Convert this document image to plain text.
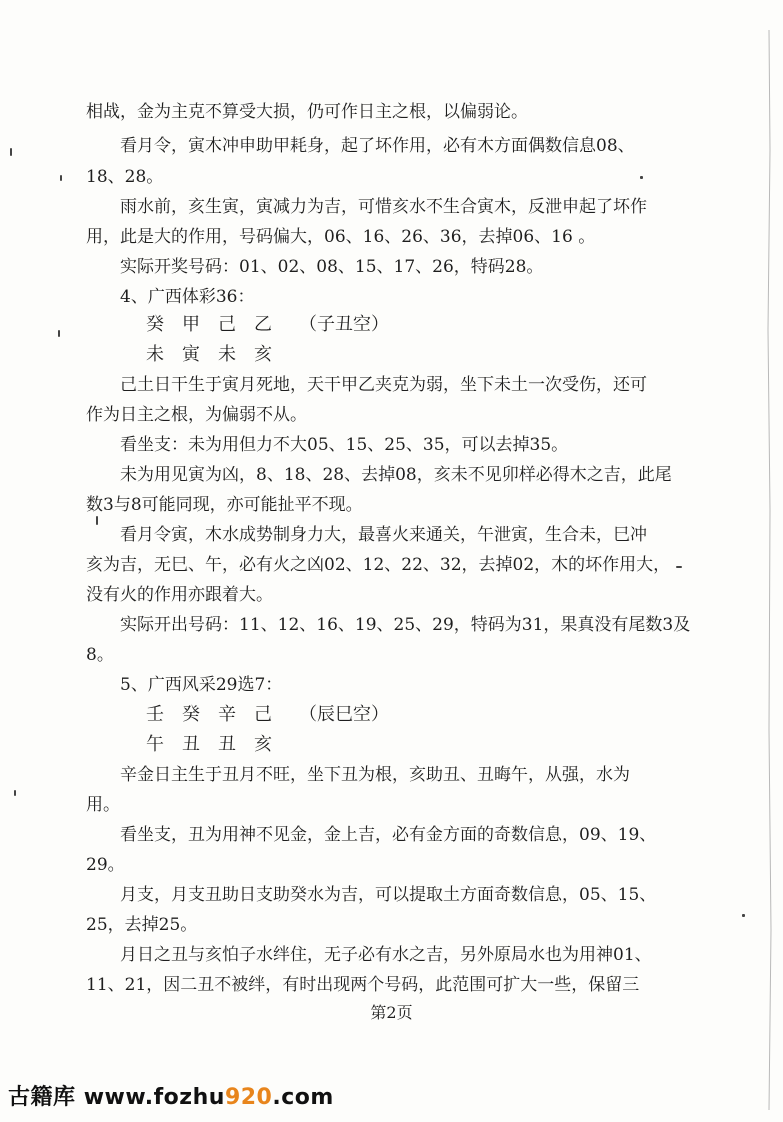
相战，金为主克不算受大损，仍可作日主之根，以偏弱论。
看月令，寅木冲申助甲耗身，起了坏作用，必有木方面偶数信息08、
18、28。
雨水前，亥生寅，寅减力为吉，可惜亥水不生合寅木，反泄申起了坏作
用，此是大的作用，号码偏大，06、16、26、36，去掉06、16 。
实际开奖号码：01、02、08、15、17、26，特码28。
4、广西体彩36：
癸　甲　己　乙　　（子丑空）
未　寅　未　亥
己土日干生于寅月死地，天干甲乙夹克为弱，坐下未土一次受伤，还可
作为日主之根，为偏弱不从。
看坐支：未为用但力不大05、15、25、35，可以去掉35。
未为用见寅为凶，8、18、28、去掉08，亥未不见卯样必得木之吉，此尾
数3与8可能同现，亦可能扯平不现。
看月令寅，木水成势制身力大，最喜火来通关，午泄寅，生合未，巳冲
亥为吉，无巳、午，必有火之凶02、12、22、32，去掉02，木的坏作用大，
没有火的作用亦跟着大。
实际开出号码：11、12、16、19、25、29，特码为31，果真没有尾数3及
8。
5、广西风采29选7：
壬　癸　辛　己　　（辰巳空）
午　丑　丑　亥
辛金日主生于丑月不旺，坐下丑为根，亥助丑、丑晦午，从强，水为
用。
看坐支，丑为用神不见金，金上吉，必有金方面的奇数信息，09、19、
29。
月支，月支丑助日支助癸水为吉，可以提取土方面奇数信息，05、15、
25，去掉25。
月日之丑与亥怕子水绊住，无子必有水之吉，另外原局水也为用神01、
11、21，因二丑不被绊，有时出现两个号码，此范围可扩大一些，保留三
第2页
古籍库 www.fozhu920.com
